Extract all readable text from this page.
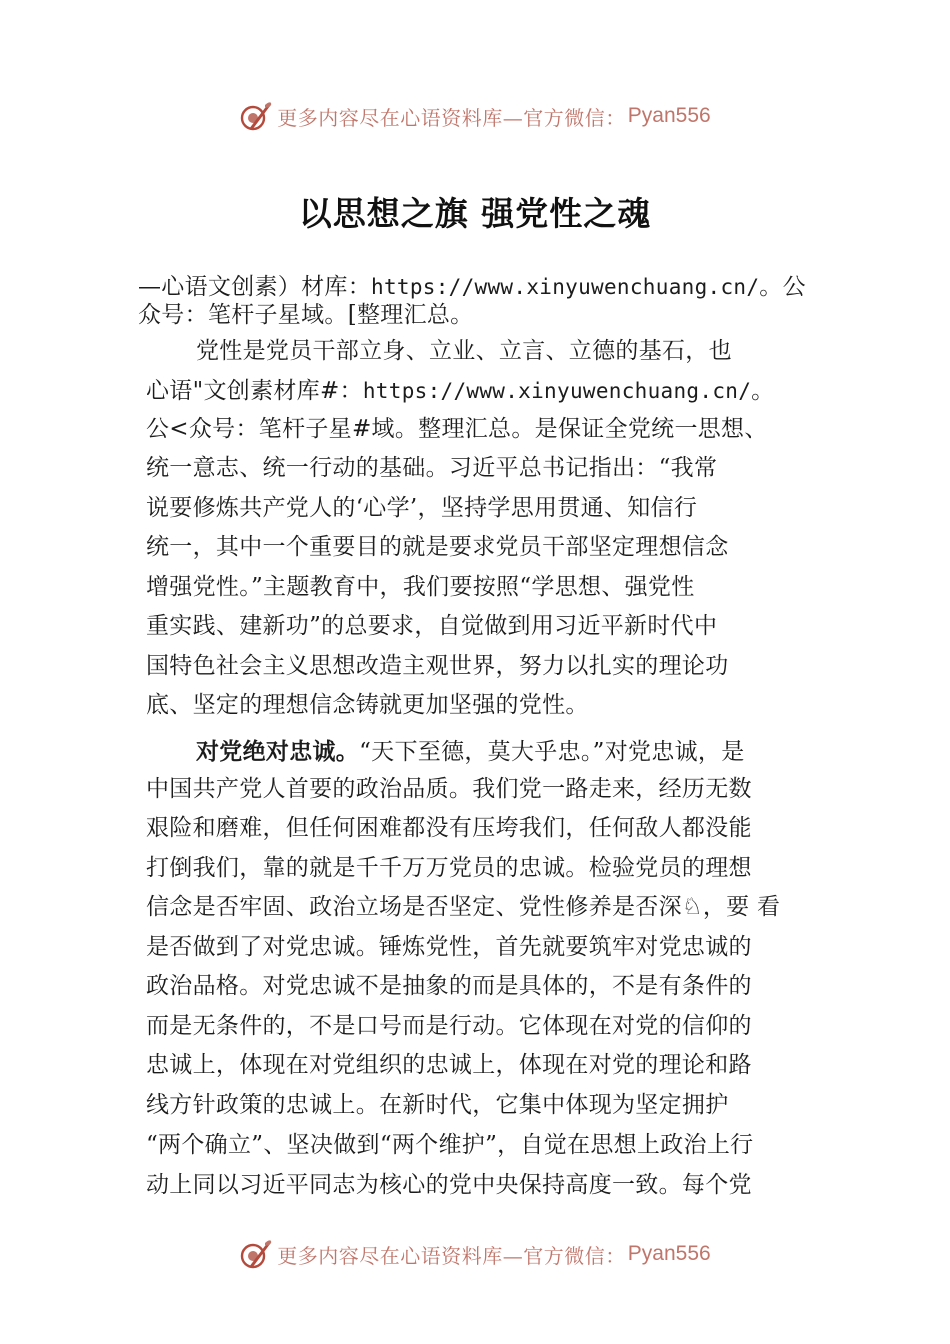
更多内容尽在心语资料库—官方微信： Pyan556
以思想之旗 强党性之魂

—心语文创素）材库：https://www.xinyuwenchuang.cn/。公

众号：笔杆子星域。[整理汇总。

党性是党员干部立身、立业、立言、立德的基石，也

心语"文创素材库#：https://www.xinyuwenchuang.cn/。

公<众号：笔杆子星#域。整理汇总。是保证全党统一思想、

统一意志、统一行动的基础。习近平总书记指出：“我常

说要修炼共产党人的‘心学’，坚持学思用贯通、知信行

统一，其中一个重要目的就是要求党员干部坚定理想信念

增强党性。”主题教育中，我们要按照“学思想、强党性

重实践、建新功”的总要求，自觉做到用习近平新时代中

国特色社会主义思想改造主观世界，努力以扎实的理论功

底、坚定的理想信念铸就更加坚强的党性。

对党绝对忠诚。“天下至德，莫大乎忠。”对党忠诚，是

中国共产党人首要的政治品质。我们党一路走来，经历无数

艰险和磨难，但任何困难都没有压垮我们，任何敌人都没能

打倒我们，靠的就是千千万万党员的忠诚。检验党员的理想

信念是否牢固、政治立场是否坚定、党性修养是否深♘，要 看

是否做到了对党忠诚。锤炼党性，首先就要筑牢对党忠诚的

政治品格。对党忠诚不是抽象的而是具体的，不是有条件的

而是无条件的，不是口号而是行动。它体现在对党的信仰的

忠诚上，体现在对党组织的忠诚上，体现在对党的理论和路

线方针政策的忠诚上。在新时代，它集中体现为坚定拥护

“两个确立”、坚决做到“两个维护”，自觉在思想上政治上行

动上同以习近平同志为核心的党中央保持高度一致。每个党

更多内容尽在心语资料库—官方微信： Pyan556
